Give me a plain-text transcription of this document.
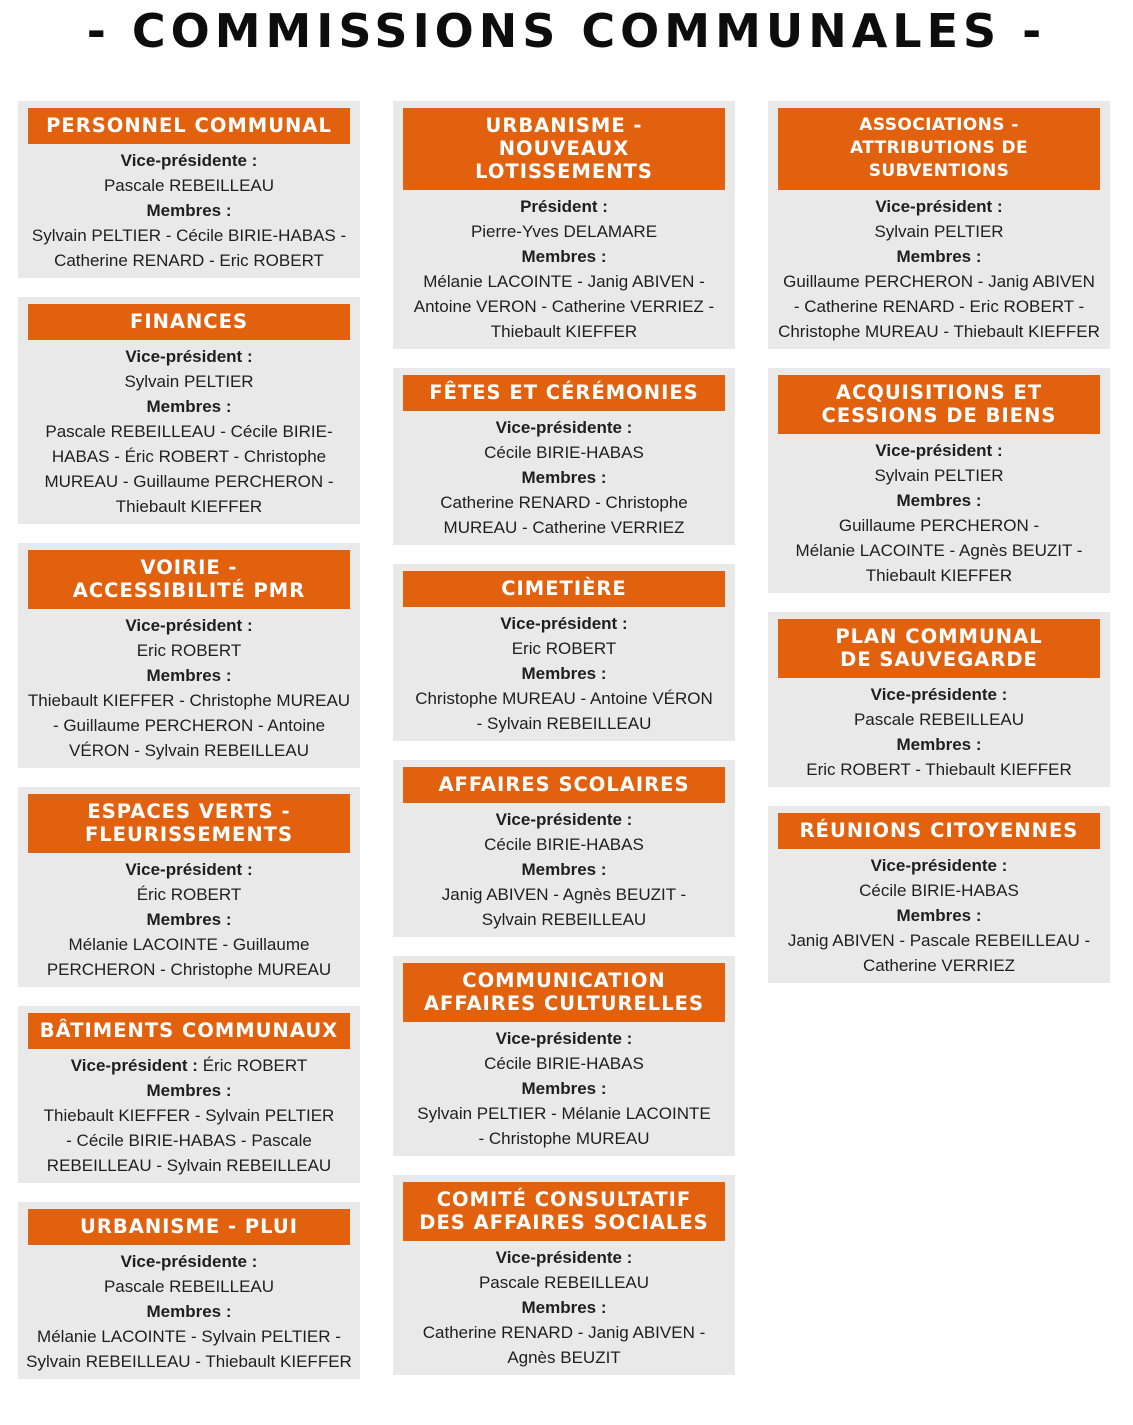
- COMMISSIONS COMMUNALES -
PERSONNEL COMMUNAL
Vice-présidente :
Pascale REBEILLEAU
Membres :
Sylvain PELTIER - Cécile BIRIE-HABAS -
Catherine RENARD - Eric ROBERT
FINANCES
Vice-président :
Sylvain PELTIER
Membres :
Pascale REBEILLEAU - Cécile BIRIE-
HABAS - Éric ROBERT - Christophe
MUREAU - Guillaume PERCHERON -
Thiebault KIEFFER
VOIRIE -
ACCESSIBILITÉ PMR
Vice-président :
Eric ROBERT
Membres :
Thiebault KIEFFER - Christophe MUREAU
- Guillaume PERCHERON - Antoine
VÉRON - Sylvain REBEILLEAU
ESPACES VERTS -
FLEURISSEMENTS
Vice-président :
Éric ROBERT
Membres :
Mélanie LACOINTE - Guillaume
PERCHERON - Christophe MUREAU
BÂTIMENTS COMMUNAUX
Vice-président : Éric ROBERT
Membres :
Thiebault KIEFFER - Sylvain PELTIER
- Cécile BIRIE-HABAS - Pascale
REBEILLEAU - Sylvain REBEILLEAU
URBANISME - PLUI
Vice-présidente :
Pascale REBEILLEAU
Membres :
Mélanie LACOINTE - Sylvain PELTIER -
Sylvain REBEILLEAU - Thiebault KIEFFER
URBANISME -
NOUVEAUX LOTISSEMENTS
Président :
Pierre-Yves DELAMARE
Membres :
Mélanie LACOINTE - Janig ABIVEN -
Antoine VERON - Catherine VERRIEZ -
Thiebault KIEFFER
FÊTES ET CÉRÉMONIES
Vice-présidente :
Cécile BIRIE-HABAS
Membres :
Catherine RENARD - Christophe
MUREAU - Catherine VERRIEZ
CIMETIÈRE
Vice-président :
Eric ROBERT
Membres :
Christophe MUREAU - Antoine VÉRON
- Sylvain REBEILLEAU
AFFAIRES SCOLAIRES
Vice-présidente :
Cécile BIRIE-HABAS
Membres :
Janig ABIVEN - Agnès BEUZIT -
Sylvain REBEILLEAU
COMMUNICATION
AFFAIRES CULTURELLES
Vice-présidente :
Cécile BIRIE-HABAS
Membres :
Sylvain PELTIER - Mélanie LACOINTE
- Christophe MUREAU
COMITÉ CONSULTATIF
DES AFFAIRES SOCIALES
Vice-présidente :
Pascale REBEILLEAU
Membres :
Catherine RENARD - Janig ABIVEN -
Agnès BEUZIT
ASSOCIATIONS -
ATTRIBUTIONS DE SUBVENTIONS
Vice-président :
Sylvain PELTIER
Membres :
Guillaume PERCHERON - Janig ABIVEN
- Catherine RENARD - Eric ROBERT -
Christophe MUREAU - Thiebault KIEFFER
ACQUISITIONS ET
CESSIONS DE BIENS
Vice-président :
Sylvain PELTIER
Membres :
Guillaume PERCHERON -
Mélanie LACOINTE - Agnès BEUZIT -
Thiebault KIEFFER
PLAN COMMUNAL
DE SAUVEGARDE
Vice-présidente :
Pascale REBEILLEAU
Membres :
Eric ROBERT - Thiebault KIEFFER
RÉUNIONS CITOYENNES
Vice-présidente :
Cécile BIRIE-HABAS
Membres :
Janig ABIVEN - Pascale REBEILLEAU -
Catherine VERRIEZ
